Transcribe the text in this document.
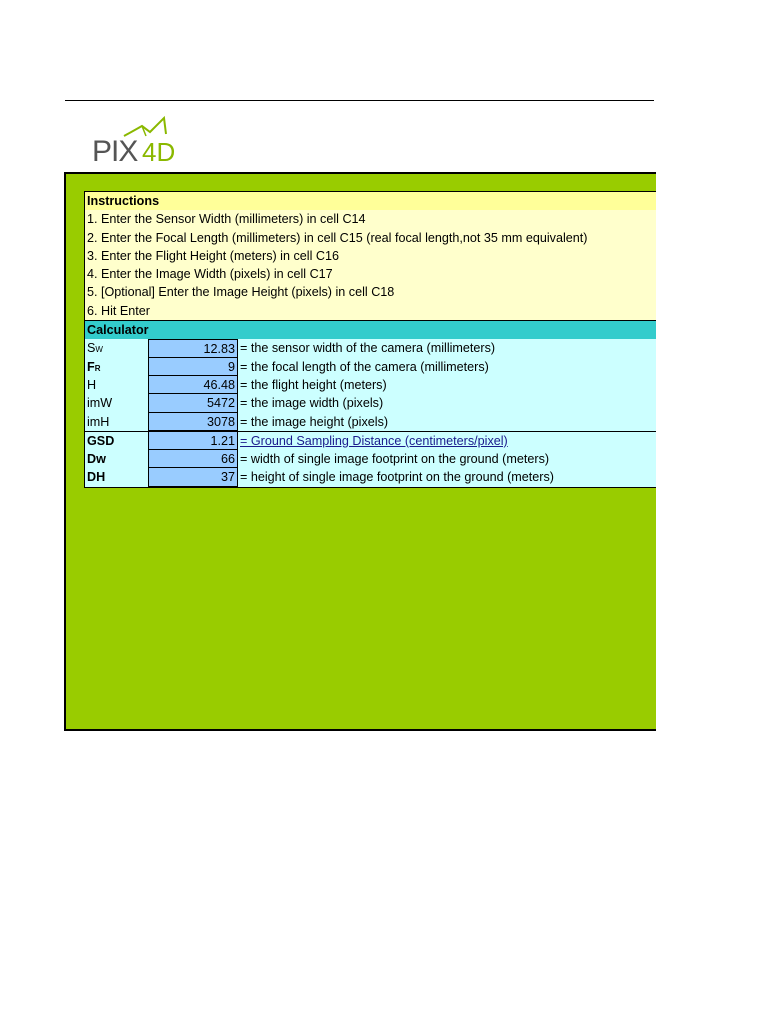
PIX 4D
Instructions
1. Enter the Sensor Width (millimeters) in cell C14
2. Enter the Focal Length (millimeters) in cell C15 (real focal length,not 35 mm equivalent)
3. Enter the Flight Height (meters) in cell C16
4. Enter the Image Width (pixels) in cell C17
5. [Optional] Enter the Image Height (pixels) in cell C18
6. Hit Enter
Calculator
SW	12.83 = the sensor width of the camera (millimeters)
FR	9 = the focal length of the camera (millimeters)
H	46.48 = the flight height (meters)
imW	5472 = the image width (pixels)
imH	3078 = the image height (pixels)
GSD	1.21 = Ground Sampling Distance (centimeters/pixel)
Dw	66 = width of single image footprint on the ground (meters)
DH	37 = height of single image footprint on the ground (meters)
